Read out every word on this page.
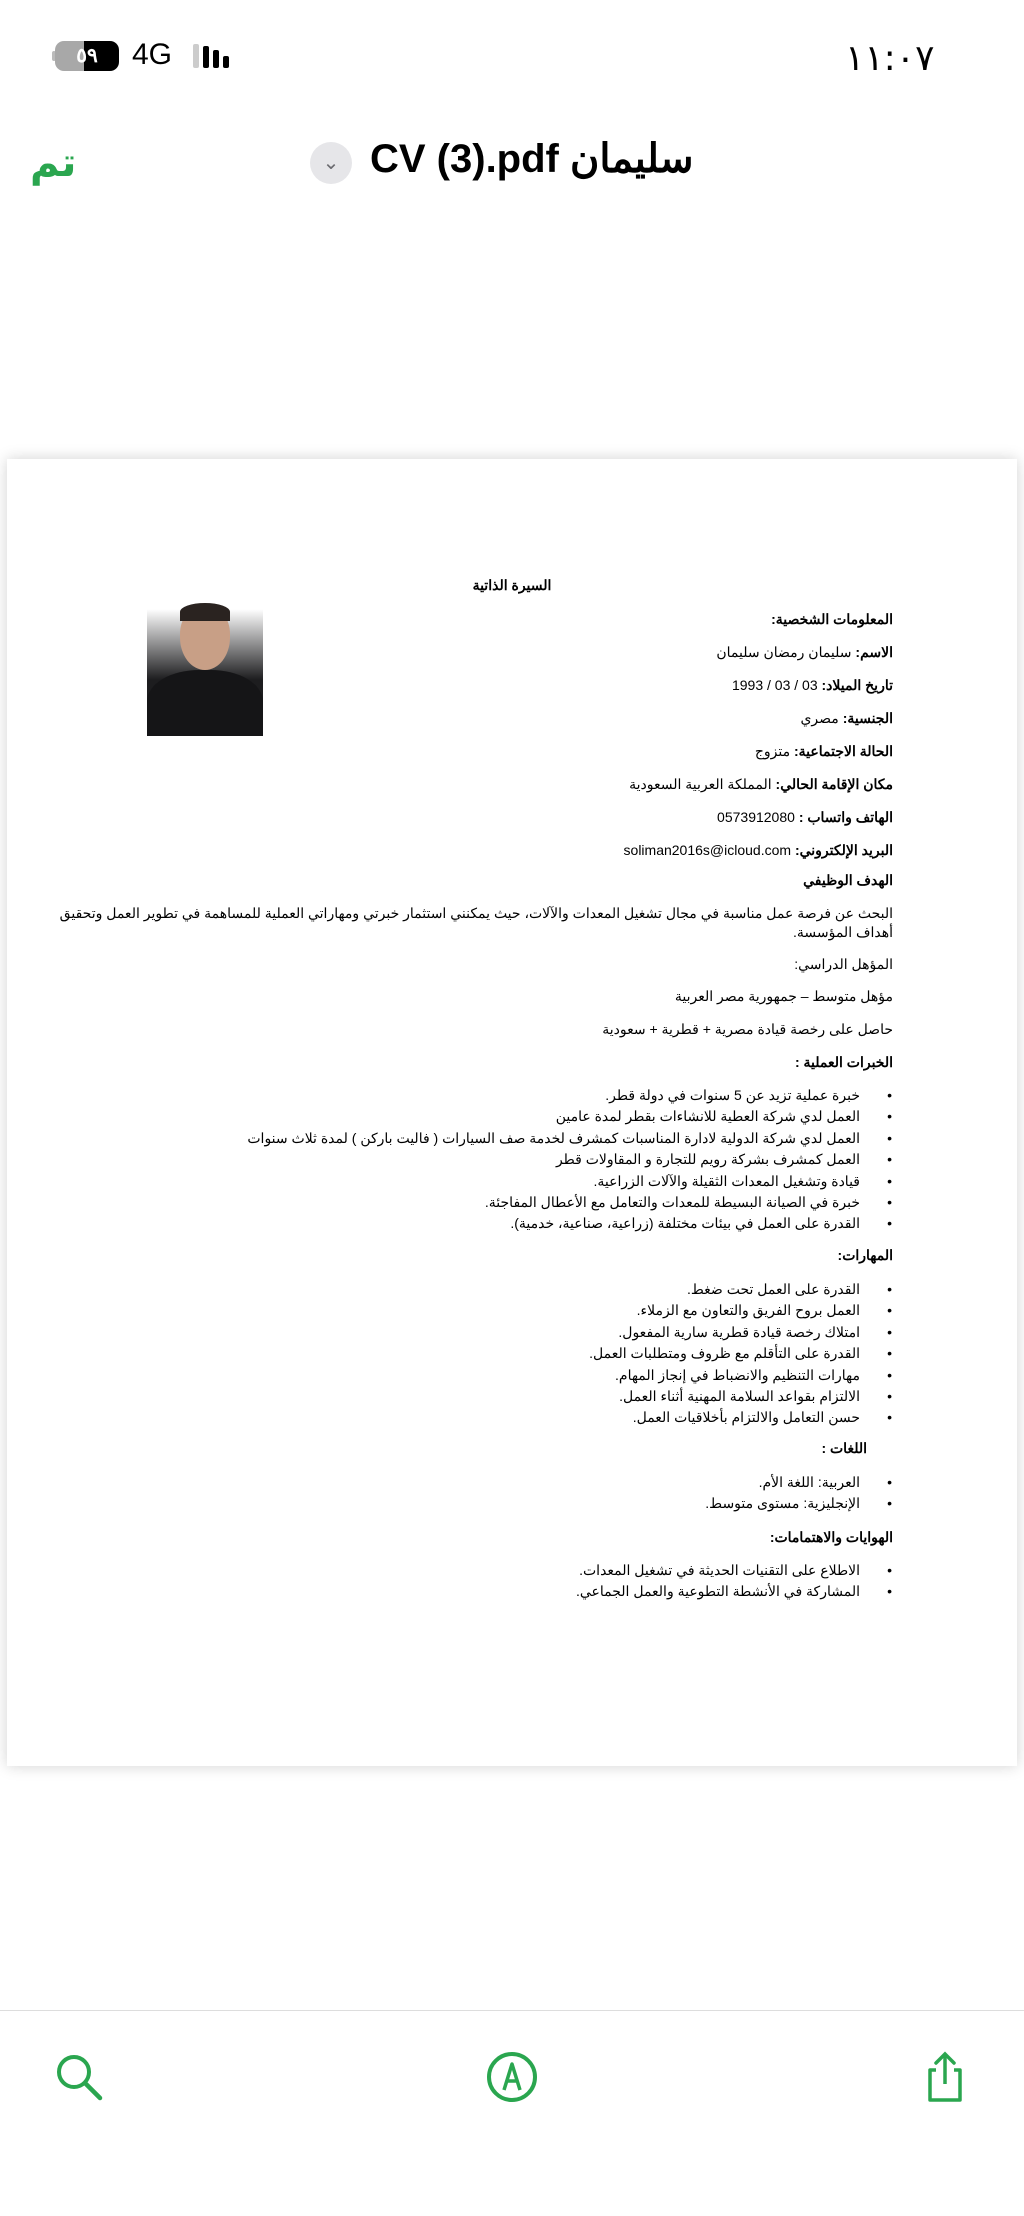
٥٩	4G	١١:٠٧
تم	⌄ سليمان CV (3).pdf
السيرة الذاتية
المعلومات الشخصية:
الاسم: سليمان رمضان سليمان
تاريخ الميلاد: 03 / 03 / 1993
الجنسية: مصري
الحالة الاجتماعية: متزوج
مكان الإقامة الحالي: المملكة العربية السعودية
الهاتف واتساب : 0573912080
البريد الإلكتروني: soliman2016s@icloud.com
الهدف الوظيفي
البحث عن فرصة عمل مناسبة في مجال تشغيل المعدات والآلات، حيث يمكنني استثمار خبرتي ومهاراتي العملية للمساهمة في تطوير العمل وتحقيق
أهداف المؤسسة.
المؤهل الدراسي:
مؤهل متوسط – جمهورية مصر العربية
حاصل على رخصة قيادة مصرية + قطرية + سعودية
الخبرات العملية :
• خبرة عملية تزيد عن 5 سنوات في دولة قطر.
• العمل لدي شركة العطية للانشاءات بقطر لمدة عامين
• العمل لدي شركة الدولية لادارة المناسبات كمشرف لخدمة صف السيارات ( فاليت باركن ) لمدة ثلاث سنوات
• العمل كمشرف بشركة رويم للتجارة و المقاولات قطر
• قيادة وتشغيل المعدات الثقيلة والآلات الزراعية.
• خبرة في الصيانة البسيطة للمعدات والتعامل مع الأعطال المفاجئة.
• القدرة على العمل في بيئات مختلفة (زراعية، صناعية، خدمية).
المهارات:
• القدرة على العمل تحت ضغط.
• العمل بروح الفريق والتعاون مع الزملاء.
• امتلاك رخصة قيادة قطرية سارية المفعول.
• القدرة على التأقلم مع ظروف ومتطلبات العمل.
• مهارات التنظيم والانضباط في إنجاز المهام.
• الالتزام بقواعد السلامة المهنية أثناء العمل.
• حسن التعامل والالتزام بأخلاقيات العمل.
اللغات :
• العربية: اللغة الأم.
• الإنجليزية: مستوى متوسط.
الهوايات والاهتمامات:
• الاطلاع على التقنيات الحديثة في تشغيل المعدات.
• المشاركة في الأنشطة التطوعية والعمل الجماعي.
